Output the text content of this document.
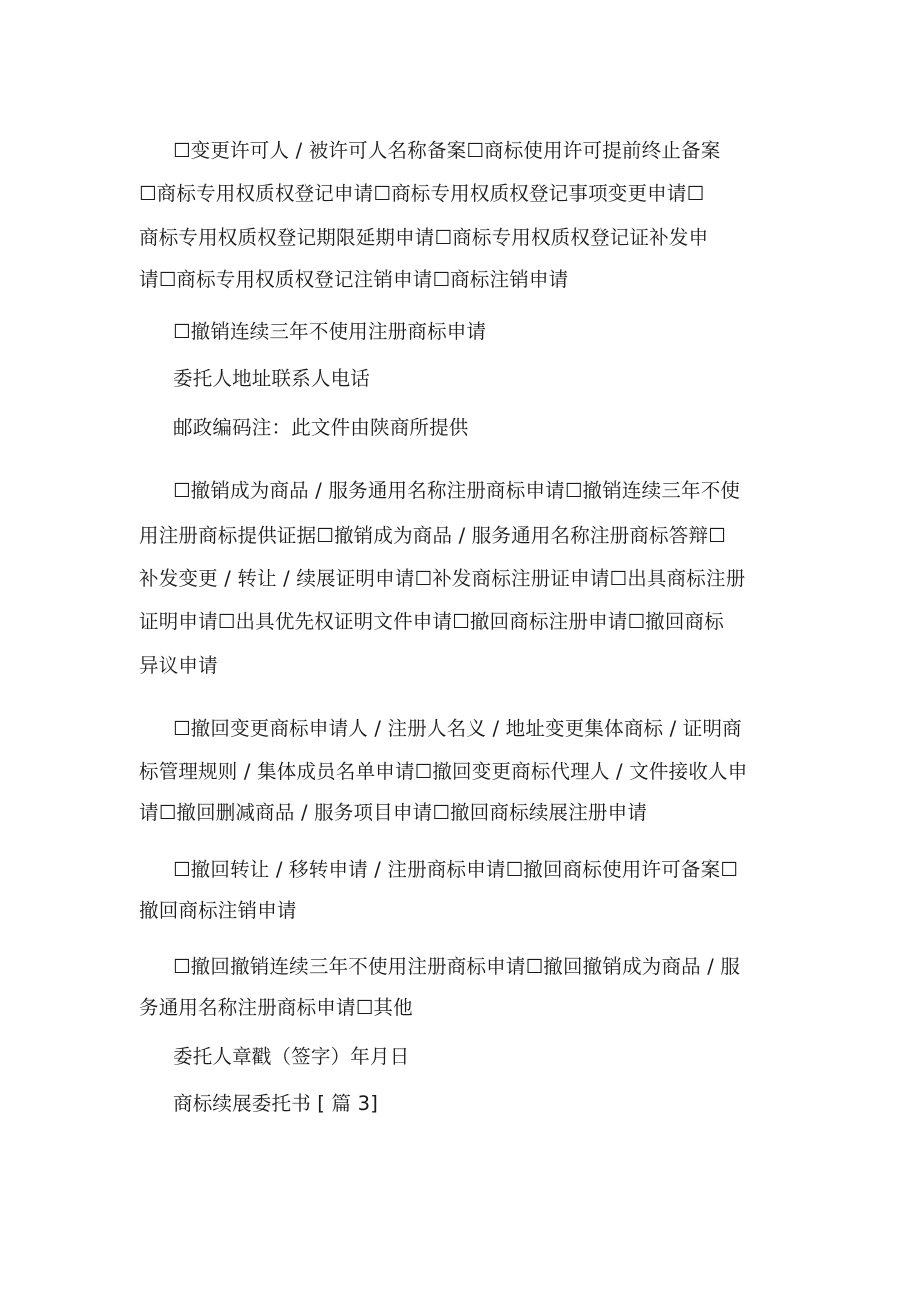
☐变更许可人 / 被许可人名称备案☐商标使用许可提前终止备案
☐商标专用权质权登记申请☐商标专用权质权登记事项变更申请☐
商标专用权质权登记期限延期申请☐商标专用权质权登记证补发申
请☐商标专用权质权登记注销申请☐商标注销申请
☐撤销连续三年不使用注册商标申请
委托人地址联系人电话
邮政编码注：此文件由陕商所提供
☐撤销成为商品 / 服务通用名称注册商标申请☐撤销连续三年不使
用注册商标提供证据☐撤销成为商品 / 服务通用名称注册商标答辩☐
补发变更 / 转让 / 续展证明申请☐补发商标注册证申请☐出具商标注册
证明申请☐出具优先权证明文件申请☐撤回商标注册申请☐撤回商标
异议申请
☐撤回变更商标申请人 / 注册人名义 / 地址变更集体商标 / 证明商
标管理规则 / 集体成员名单申请☐撤回变更商标代理人 / 文件接收人申
请☐撤回删减商品 / 服务项目申请☐撤回商标续展注册申请
☐撤回转让 / 移转申请 / 注册商标申请☐撤回商标使用许可备案☐
撤回商标注销申请
☐撤回撤销连续三年不使用注册商标申请☐撤回撤销成为商品 / 服
务通用名称注册商标申请☐其他
委托人章戳（签字）年月日
商标续展委托书 [ 篇 3]
